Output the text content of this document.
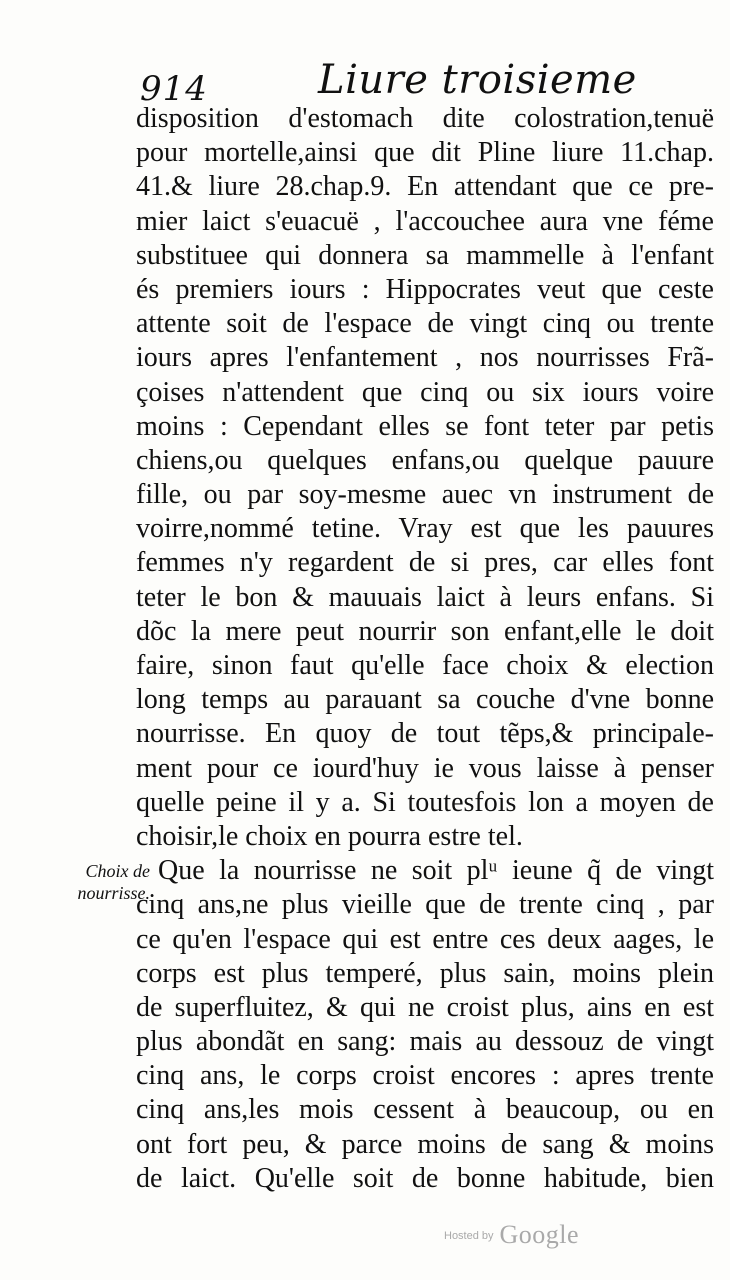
914	Liure troisieme
Choix de
nourrisse.
disposition d'estomach dite colostration,tenuë
pour mortelle,ainsi que dit Pline liure 11.chap.
41.& liure 28.chap.9. En attendant que ce pre-
mier laict s'euacuë , l'accouchee aura vne féme
substituee qui donnera sa mammelle à l'enfant
és premiers iours : Hippocrates veut que ceste
attente soit de l'espace de vingt cinq ou trente
iours apres l'enfantement , nos nourrisses Frã-
çoises n'attendent que cinq ou six iours voire
moins : Cependant elles se font teter par petis
chiens,ou quelques enfans,ou quelque pauure
fille, ou par soy-mesme auec vn instrument de
voirre,nommé tetine. Vray est que les pauures
femmes n'y regardent de si pres, car elles font
teter le bon & mauuais laict à leurs enfans. Si
dõc la mere peut nourrir son enfant,elle le doit
faire, sinon faut qu'elle face choix & election
long temps au parauant sa couche d'vne bonne
nourrisse. En quoy de tout tẽps,& principale-
ment pour ce iourd'huy ie vous laisse à penser
quelle peine il y a. Si toutesfois lon a moyen de
choisir,le choix en pourra estre tel.
Que la nourrisse ne soit plᵘ ieune q̃ de vingt
cinq ans,ne plus vieille que de trente cinq , par
ce qu'en l'espace qui est entre ces deux aages, le
corps est plus temperé, plus sain, moins plein
de superfluitez, & qui ne croist plus, ains en est
plus abondãt en sang: mais au dessouz de vingt
cinq ans, le corps croist encores : apres trente
cinq ans,les mois cessent à beaucoup, ou en
ont fort peu, & parce moins de sang & moins
de laict. Qu'elle soit de bonne habitude, bien
Hosted by Google
